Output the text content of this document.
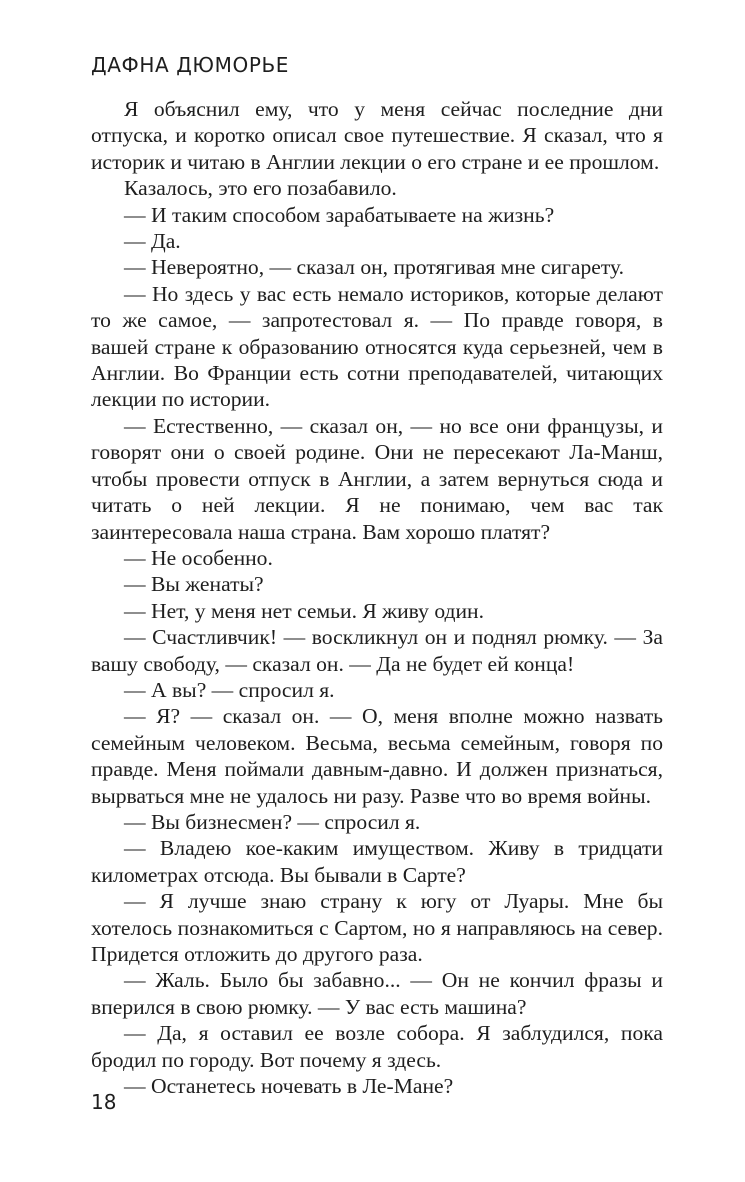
ДАФНА ДЮМОРЬЕ

Я объяснил ему, что у меня сейчас последние дни отпуска, и коротко описал свое путешествие. Я сказал, что я историк и читаю в Англии лекции о его стране и ее прошлом.

Казалось, это его позабавило.

— И таким способом зарабатываете на жизнь?

— Да.

— Невероятно, — сказал он, протягивая мне сигарету.

— Но здесь у вас есть немало историков, которые делают то же самое, — запротестовал я. — По правде говоря, в вашей стране к образованию относятся куда серьезней, чем в Англии. Во Франции есть сотни преподавателей, читающих лекции по истории.

— Естественно, — сказал он, — но все они французы, и говорят они о своей родине. Они не пересекают Ла-Манш, чтобы провести отпуск в Англии, а затем вернуться сюда и читать о ней лекции. Я не понимаю, чем вас так заинтересовала наша страна. Вам хорошо платят?

— Не особенно.

— Вы женаты?

— Нет, у меня нет семьи. Я живу один.

— Счастливчик! — воскликнул он и поднял рюмку. — За вашу свободу, — сказал он. — Да не будет ей конца!

— А вы? — спросил я.

— Я? — сказал он. — О, меня вполне можно назвать семейным человеком. Весьма, весьма семейным, говоря по правде. Меня поймали давным-давно. И должен признаться, вырваться мне не удалось ни разу. Разве что во время войны.

— Вы бизнесмен? — спросил я.

— Владею кое-каким имуществом. Живу в тридцати километрах отсюда. Вы бывали в Сарте?

— Я лучше знаю страну к югу от Луары. Мне бы хотелось познакомиться с Сартом, но я направляюсь на север. Придется отложить до другого раза.

— Жаль. Было бы забавно... — Он не кончил фразы и вперился в свою рюмку. — У вас есть машина?

— Да, я оставил ее возле собора. Я заблудился, пока бродил по городу. Вот почему я здесь.

— Останетесь ночевать в Ле-Мане?

18
